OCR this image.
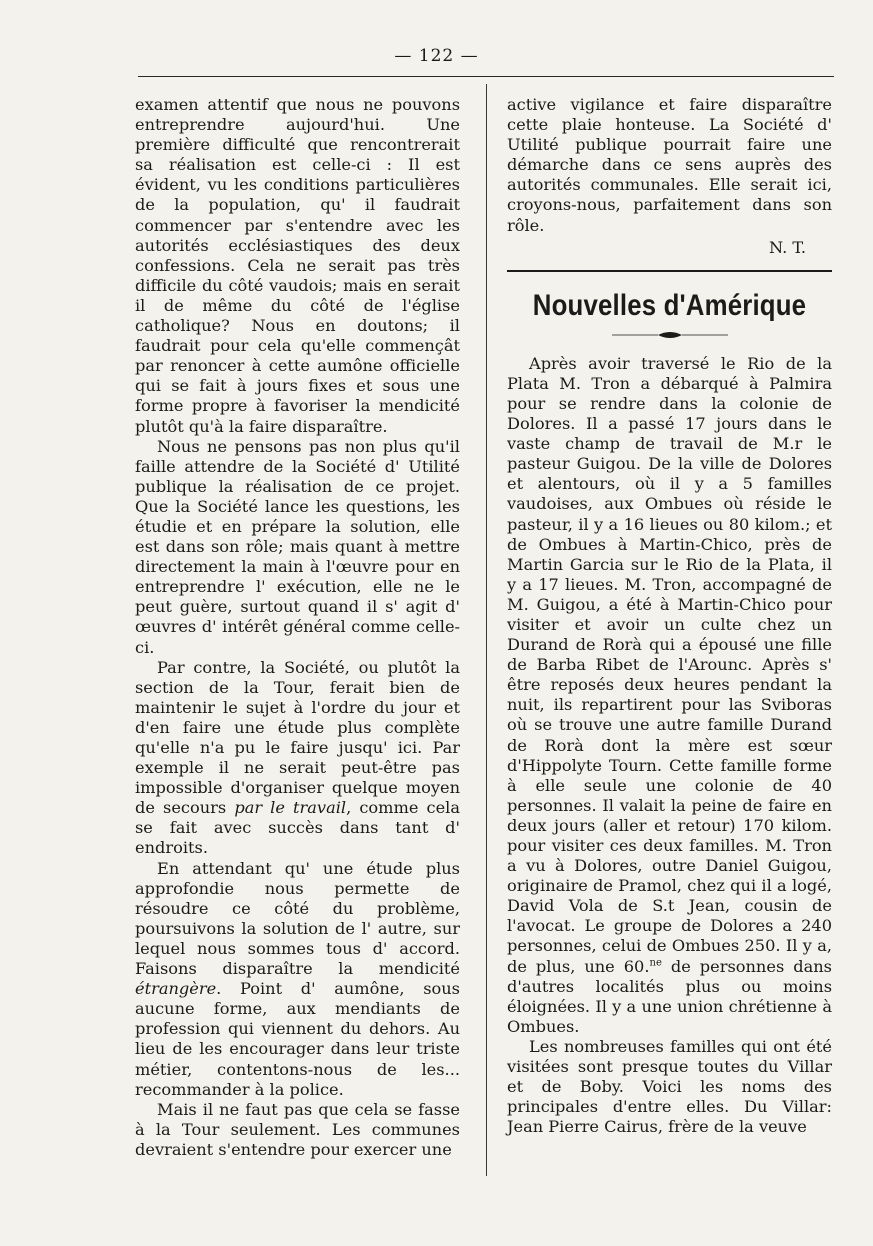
— 122 —

examen attentif que nous ne pouvons entreprendre aujourd'hui. Une première difficulté que rencontrerait sa réalisation est celle-ci : Il est évident, vu les conditions particulières de la population, qu' il faudrait commencer par s'entendre avec les autorités ecclésiastiques des deux confessions. Cela ne serait pas très difficile du côté vaudois; mais en serait il de même du côté de l'église catholique? Nous en doutons; il faudrait pour cela qu'elle commençât par renoncer à cette aumône officielle qui se fait à jours fixes et sous une forme propre à favoriser la mendicité plutôt qu'à la faire disparaître.

Nous ne pensons pas non plus qu'il faille attendre de la Société d' Utilité publique la réalisation de ce projet. Que la Société lance les questions, les étudie et en prépare la solution, elle est dans son rôle; mais quant à mettre directement la main à l'œuvre pour en entreprendre l' exécution, elle ne le peut guère, surtout quand il s' agit d' œuvres d' intérêt général comme celle-ci.

Par contre, la Société, ou plutôt la section de la Tour, ferait bien de maintenir le sujet à l'ordre du jour et d'en faire une étude plus complète qu'elle n'a pu le faire jusqu' ici. Par exemple il ne serait peut-être pas impossible d'organiser quelque moyen de secours par le travail, comme cela se fait avec succès dans tant d' endroits.

En attendant qu' une étude plus approfondie nous permette de résoudre ce côté du problème, poursuivons la solution de l' autre, sur lequel nous sommes tous d' accord. Faisons disparaître la mendicité étrangère. Point d' aumône, sous aucune forme, aux mendiants de profession qui viennent du dehors. Au lieu de les encourager dans leur triste métier, contentons-nous de les... recommander à la police.

Mais il ne faut pas que cela se fasse à la Tour seulement. Les communes devraient s'entendre pour exercer une

active vigilance et faire disparaître cette plaie honteuse. La Société d' Utilité publique pourrait faire une démarche dans ce sens auprès des autorités communales. Elle serait ici, croyons-nous, parfaitement dans son rôle.

N. T.
Nouvelles d'Amérique

Après avoir traversé le Rio de la Plata M. Tron a débarqué à Palmira pour se rendre dans la colonie de Dolores. Il a passé 17 jours dans le vaste champ de travail de M.r le pasteur Guigou. De la ville de Dolores et alentours, où il y a 5 familles vaudoises, aux Ombues où réside le pasteur, il y a 16 lieues ou 80 kilom.; et de Ombues à Martin-Chico, près de Martin Garcia sur le Rio de la Plata, il y a 17 lieues. M. Tron, accompagné de M. Guigou, a été à Martin-Chico pour visiter et avoir un culte chez un Durand de Rorà qui a épousé une fille de Barba Ribet de l'Arounc. Après s' être reposés deux heures pendant la nuit, ils repartirent pour las Sviboras où se trouve une autre famille Durand de Rorà dont la mère est sœur d'Hippolyte Tourn. Cette famille forme à elle seule une colonie de 40 personnes. Il valait la peine de faire en deux jours (aller et retour) 170 kilom. pour visiter ces deux familles. M. Tron a vu à Dolores, outre Daniel Guigou, originaire de Pramol, chez qui il a logé, David Vola de S.t Jean, cousin de l'avocat. Le groupe de Dolores a 240 personnes, celui de Ombues 250. Il y a, de plus, une 60.$^{ne}$ de personnes dans d'autres localités plus ou moins éloignées. Il y a une union chrétienne à Ombues.

Les nombreuses familles qui ont été visitées sont presque toutes du Villar et de Boby. Voici les noms des principales d'entre elles. Du Villar: Jean Pierre Cairus, frère de la veuve
